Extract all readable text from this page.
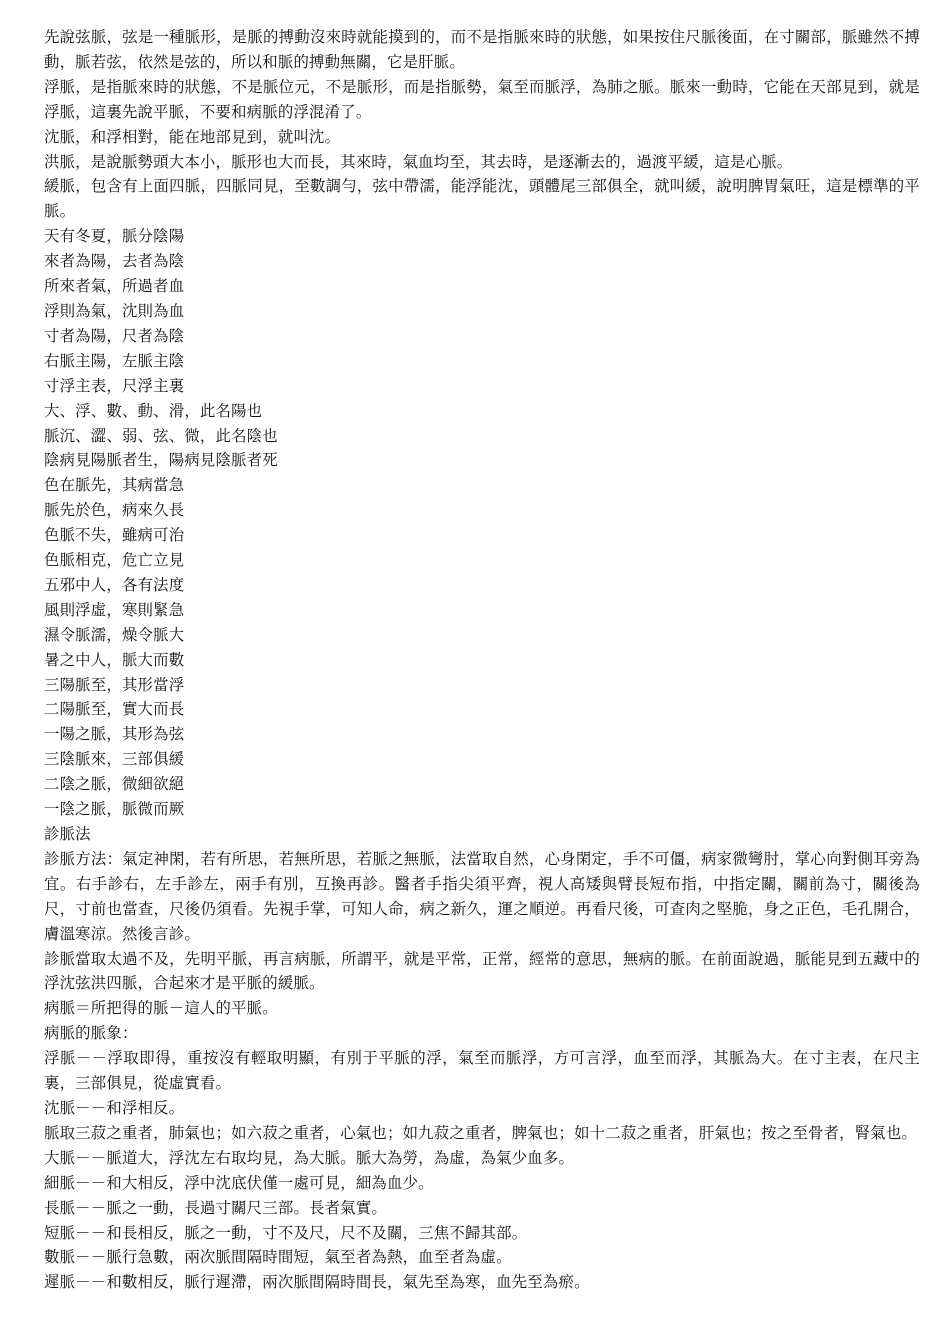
先說弦脈，弦是一種脈形，是脈的搏動沒來時就能摸到的，而不是指脈來時的狀態，如果按住尺脈後面，在寸關部，脈雖然不搏動，脈若弦，依然是弦的，所以和脈的搏動無關，它是肝脈。

浮脈，是指脈來時的狀態，不是脈位元，不是脈形，而是指脈勢，氣至而脈浮，為肺之脈。脈來一動時，它能在天部見到，就是浮脈，這裏先說平脈，不要和病脈的浮混淆了。

沈脈，和浮相對，能在地部見到，就叫沈。

洪脈，是說脈勢頭大本小，脈形也大而長，其來時，氣血均至，其去時，是逐漸去的，過渡平緩，這是心脈。

緩脈，包含有上面四脈，四脈同見，至數調勻，弦中帶濡，能浮能沈，頭體尾三部俱全，就叫緩，說明脾胃氣旺，這是標準的平脈。

天有冬夏，脈分陰陽

來者為陽，去者為陰

所來者氣，所過者血

浮則為氣，沈則為血

寸者為陽，尺者為陰

右脈主陽，左脈主陰

寸浮主表，尺浮主裏

大、浮、數、動、滑，此名陽也

脈沉、澀、弱、弦、微，此名陰也

陰病見陽脈者生，陽病見陰脈者死

色在脈先，其病當急

脈先於色，病來久長

色脈不失，雖病可治

色脈相克，危亡立見

五邪中人，各有法度

風則浮虛，寒則緊急

濕令脈濡，燥令脈大

暑之中人，脈大而數

三陽脈至，其形當浮

二陽脈至，實大而長

一陽之脈，其形為弦

三陰脈來，三部俱緩

二陰之脈，微細欲絕

一陰之脈，脈微而厥

診脈法

診脈方法：氣定神閑，若有所思，若無所思，若脈之無脈，法當取自然，心身閑定，手不可僵，病家微彎肘，掌心向對側耳旁為宜。右手診右，左手診左，兩手有別，互換再診。醫者手指尖須平齊，視人高矮與臂長短布指，中指定關，關前為寸，關後為尺，寸前也當查，尺後仍須看。先視手掌，可知人命，病之新久，運之順逆。再看尺後，可查肉之堅脆，身之正色，毛孔開合，膚溫寒涼。然後言診。

診脈當取太過不及，先明平脈，再言病脈，所謂平，就是平常，正常，經常的意思，無病的脈。在前面說過，脈能見到五藏中的浮沈弦洪四脈，合起來才是平脈的緩脈。

病脈＝所把得的脈－這人的平脈。

病脈的脈象：

浮脈－－浮取即得，重按沒有輕取明顯，有別于平脈的浮，氣至而脈浮，方可言浮，血至而浮，其脈為大。在寸主表，在尺主裏，三部俱見，從虛實看。

沈脈－－和浮相反。

脈取三菽之重者，肺氣也；如六菽之重者，心氣也；如九菽之重者，脾氣也；如十二菽之重者，肝氣也；按之至骨者，腎氣也。

大脈－－脈道大，浮沈左右取均見，為大脈。脈大為勞，為虛，為氣少血多。

細脈－－和大相反，浮中沈底伏僅一處可見，細為血少。

長脈－－脈之一動，長過寸關尺三部。長者氣實。

短脈－－和長相反，脈之一動，寸不及尺，尺不及關，三焦不歸其部。

數脈－－脈行急數，兩次脈間隔時間短，氣至者為熱，血至者為虛。

遲脈－－和數相反，脈行遲滯，兩次脈間隔時間長，氣先至為寒，血先至為瘀。
